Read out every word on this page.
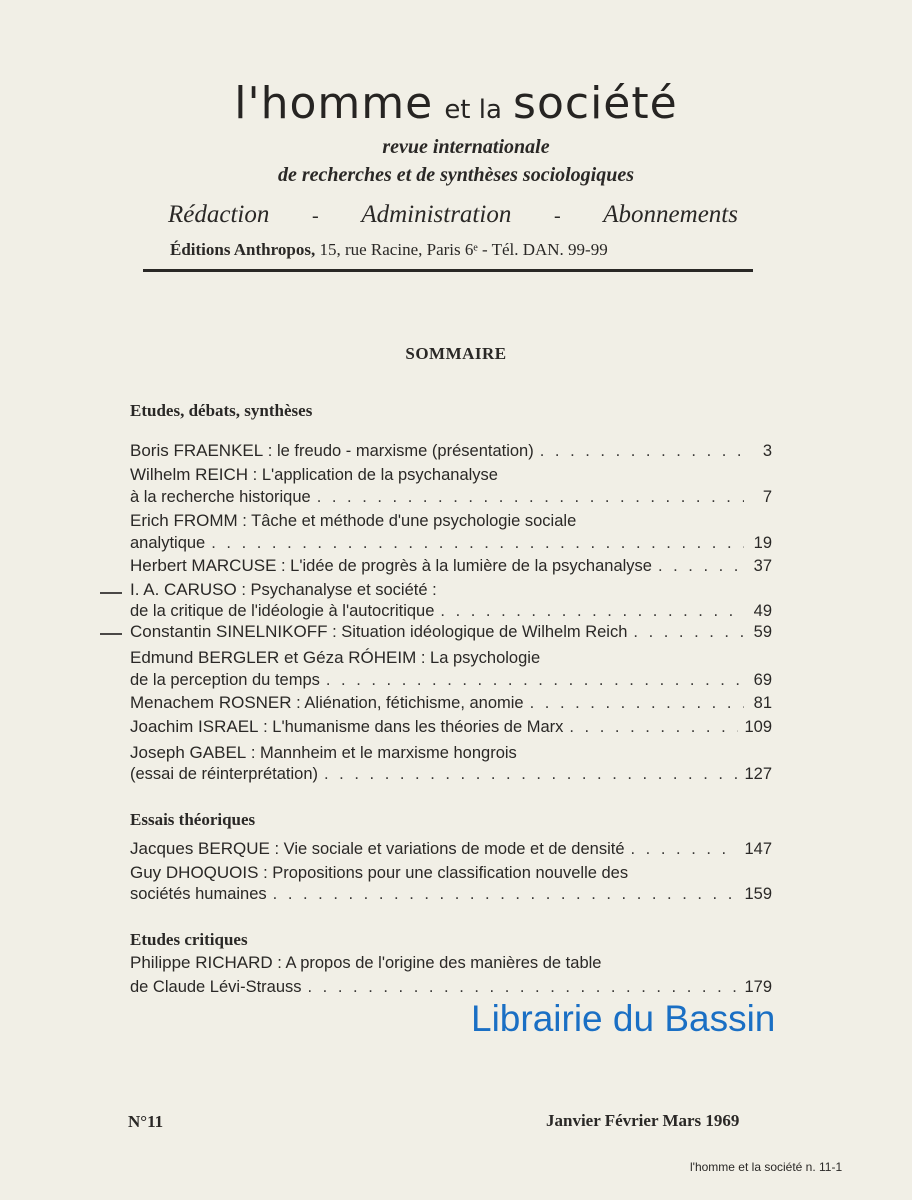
l'homme et la société
revue internationale
de recherches et de synthèses sociologiques
Rédaction - Administration - Abonnements
Éditions Anthropos, 15, rue Racine, Paris 6ᵉ - Tél. DAN. 99-99
SOMMAIRE
Etudes, débats, synthèses
Boris FRAENKEL
: le freudo - marxisme (présentation) . . .	3
Wilhelm REICH
: L'application de la psychanalyse
à la recherche historique . . .	7
Erich FROMM
: Tâche et méthode d'une psychologie sociale
analytique . . .	19
Herbert MARCUSE
: L'idée de progrès à la lumière de la psychanalyse . . .	37
I. A. CARUSO
: Psychanalyse et société :
de la critique de l'idéologie à l'autocritique . . .	49
Constantin SINELNIKOFF
: Situation idéologique de Wilhelm Reich . . .	59
Edmund BERGLER et Géza RÓHEIM
: La psychologie
de la perception du temps . . .	69
Menachem ROSNER
: Aliénation, fétichisme, anomie . . .	81
Joachim ISRAEL
: L'humanisme dans les théories de Marx . . .	109
Joseph GABEL
: Mannheim et le marxisme hongrois
(essai de réinterprétation) . . .	127
Essais théoriques
Jacques BERQUE
: Vie sociale et variations de mode et de densité . . .	147
Guy DHOQUOIS
: Propositions pour une classification nouvelle des
sociétés humaines . . .	159
Etudes critiques
Philippe RICHARD
: A propos de l'origine des manières de table
de Claude Lévi-Strauss . . .	179
Librairie du Bassin
N°11	Janvier Février Mars 1969
l'homme et la société n. 11-1
